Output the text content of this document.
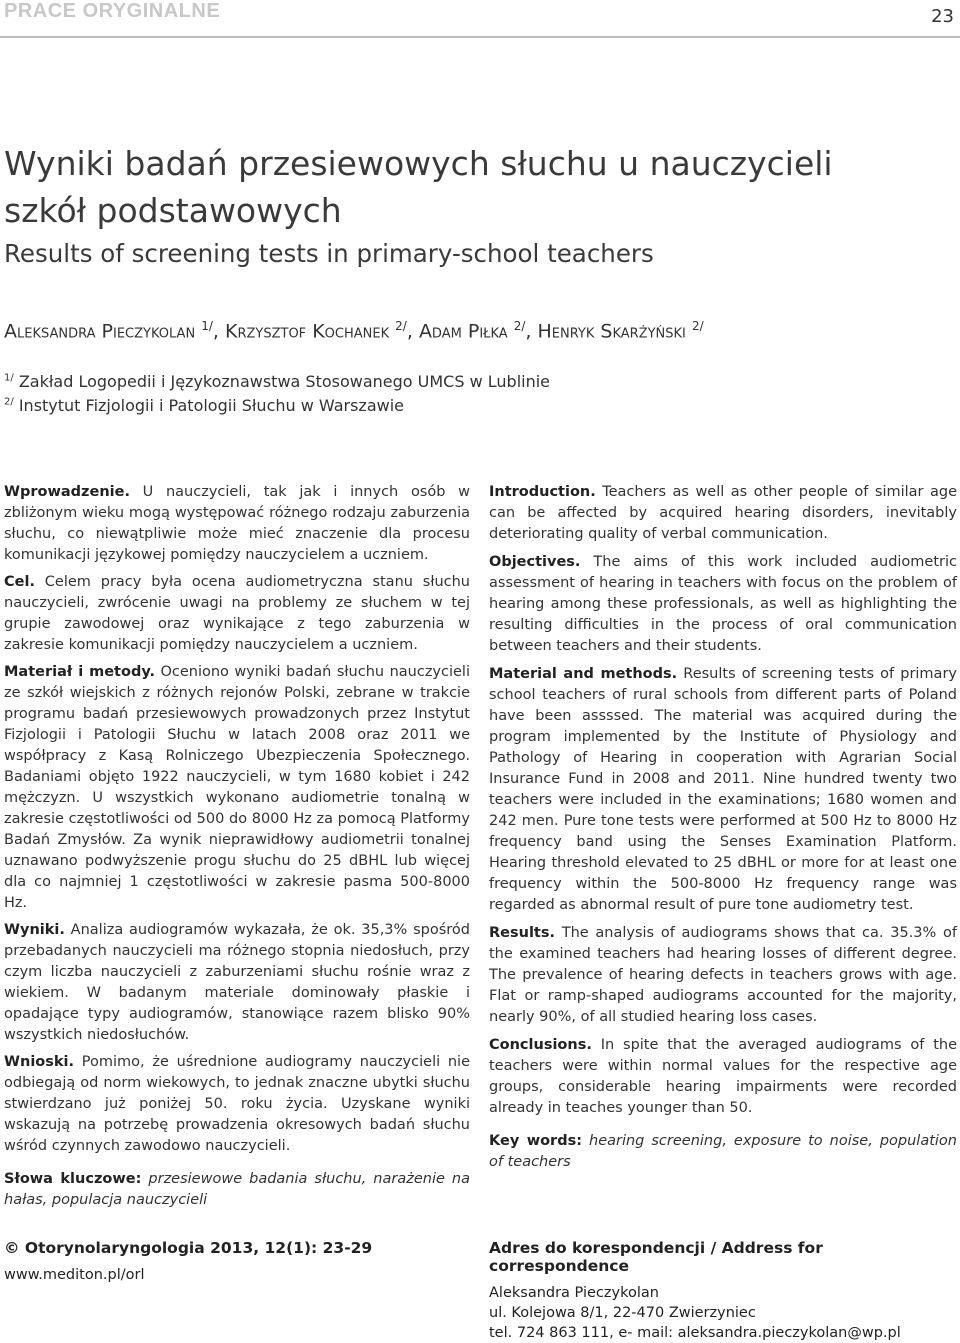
PRACE ORYGINALNE	23
Wyniki badań przesiewowych słuchu u nauczycieli
szkół podstawowych
Results of screening tests in primary-school teachers
Aleksandra Pieczykolan $^{1/}$, Krzysztof Kochanek $^{2/}$, Adam Piłka $^{2/}$, Henryk Skarżyński $^{2/}$
$^{1/}$ Zakład Logopedii i Językoznawstwa Stosowanego UMCS w Lublinie
$^{2/}$ Instytut Fizjologii i Patologii Słuchu w Warszawie

Wprowadzenie. U nauczycieli, tak jak i innych osób w zbliżonym wieku mogą występować różnego rodzaju zaburzenia słuchu, co niewątpliwie może mieć znaczenie dla procesu komunikacji językowej pomiędzy nauczycielem a uczniem.

Cel. Celem pracy była ocena audiometryczna stanu słuchu nauczycieli, zwrócenie uwagi na problemy ze słuchem w tej grupie zawodowej oraz wynikające z tego zaburzenia w zakresie komunikacji pomiędzy nauczycielem a uczniem.

Materiał i metody. Oceniono wyniki badań słuchu nauczycieli ze szkół wiejskich z różnych rejonów Polski, zebrane w trakcie programu badań przesiewowych prowadzonych przez Instytut Fizjologii i Patologii Słuchu w latach 2008 oraz 2011 we współpracy z Kasą Rolniczego Ubezpieczenia Społecznego. Badaniami objęto 1922 nauczycieli, w tym 1680 kobiet i 242 mężczyzn. U wszystkich wykonano audiometrie tonalną w zakresie częstotliwości od 500 do 8000 Hz za pomocą Platformy Badań Zmysłów. Za wynik nieprawidłowy audiometrii tonalnej uznawano podwyższenie progu słuchu do 25 dBHL lub więcej dla co najmniej 1 częstotliwości w zakresie pasma 500-8000 Hz.

Wyniki. Analiza audiogramów wykazała, że ok. 35,3% spośród przebadanych nauczycieli ma różnego stopnia niedosłuch, przy czym liczba nauczycieli z zaburzeniami słuchu rośnie wraz z wiekiem. W badanym materiale dominowały płaskie i opadające typy audiogramów, stanowiące razem blisko 90% wszystkich niedosłuchów.

Wnioski. Pomimo, że uśrednione audiogramy nauczycieli nie odbiegają od norm wiekowych, to jednak znaczne ubytki słuchu stwierdzano już poniżej 50. roku życia. Uzyskane wyniki wskazują na potrzebę prowadzenia okresowych badań słuchu wśród czynnych zawodowo nauczycieli.

Słowa kluczowe: przesiewowe badania słuchu, narażenie na hałas, populacja nauczycieli

Introduction. Teachers as well as other people of similar age can be affected by acquired hearing disorders, inevitably deteriorating quality of verbal communication.

Objectives. The aims of this work included audiometric assessment of hearing in teachers with focus on the problem of hearing among these professionals, as well as highlighting the resulting difficulties in the process of oral communication between teachers and their students.

Material and methods. Results of screening tests of primary school teachers of rural schools from different parts of Poland have been assssed. The material was acquired during the program implemented by the Institute of Physiology and Pathology of Hearing in cooperation with Agrarian Social Insurance Fund in 2008 and 2011. Nine hundred twenty two teachers were included in the examinations; 1680 women and 242 men. Pure tone tests were performed at 500 Hz to 8000 Hz frequency band using the Senses Examination Platform. Hearing threshold elevated to 25 dBHL or more for at least one frequency within the 500-8000 Hz frequency range was regarded as abnormal result of pure tone audiometry test.

Results. The analysis of audiograms shows that ca. 35.3% of the examined teachers had hearing losses of different degree. The prevalence of hearing defects in teachers grows with age. Flat or ramp-shaped audiograms accounted for the majority, nearly 90%, of all studied hearing loss cases.

Conclusions. In spite that the averaged audiograms of the teachers were within normal values for the respective age groups, considerable hearing impairments were recorded already in teaches younger than 50.

Key words: hearing screening, exposure to noise, population of teachers

© Otorynolaryngologia 2013, 12(1): 23-29
www.mediton.pl/orl
Adres do korespondencji / Address for correspondence
Aleksandra Pieczykolan
ul. Kolejowa 8/1, 22-470 Zwierzyniec
tel. 724 863 111, e- mail: aleksandra.pieczykolan@wp.pl
